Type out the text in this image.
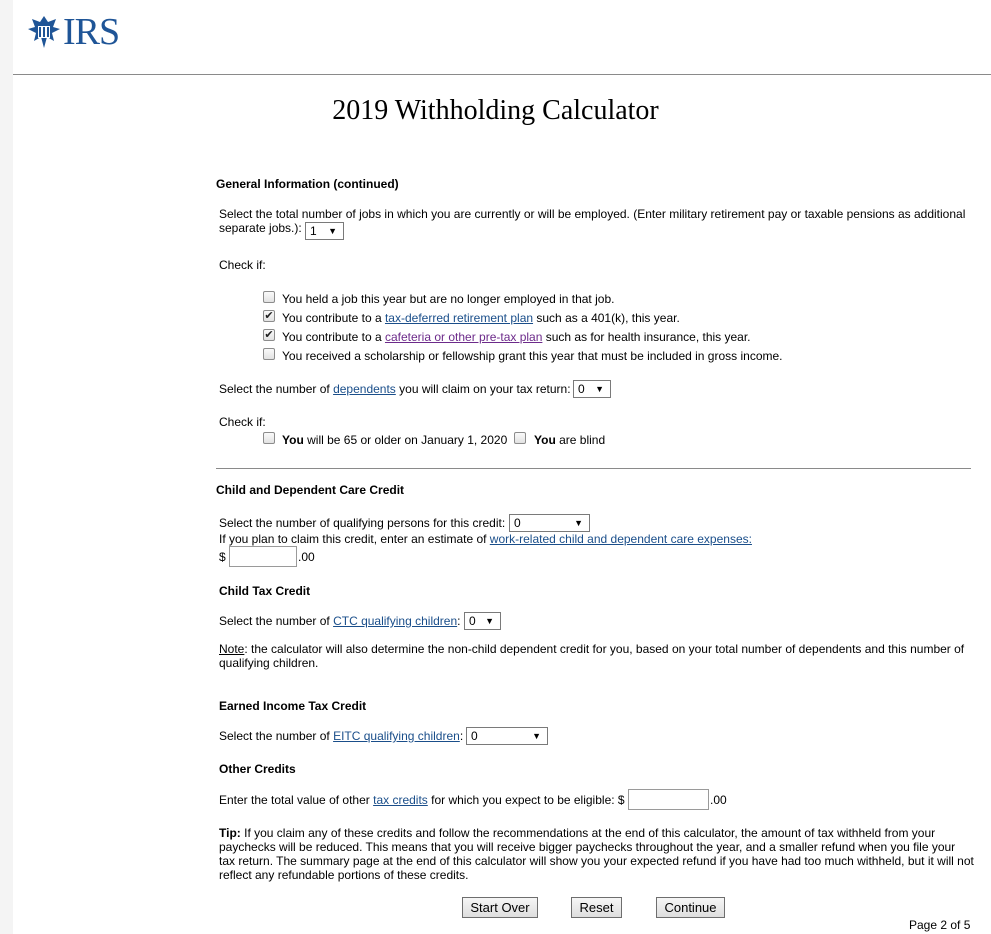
IRS
2019 Withholding Calculator
General Information (continued)
Select the total number of jobs in which you are currently or will be employed. (Enter military retirement pay or taxable pensions as additional separate jobs.): 1 ▼
Check if:
You held a job this year but are no longer employed in that job.
✔ You contribute to a tax-deferred retirement plan such as a 401(k), this year.
✔ You contribute to a cafeteria or other pre-tax plan such as for health insurance, this year.
You received a scholarship or fellowship grant this year that must be included in gross income.
Select the number of dependents you will claim on your tax return: 0 ▼
Check if:
You will be 65 or older on January 1, 2020 You are blind
Child and Dependent Care Credit
Select the number of qualifying persons for this credit: 0	▼
If you plan to claim this credit, enter an estimate of work-related child and dependent care expenses:
$	.00
Child Tax Credit
Select the number of CTC qualifying children: 0 ▼
Note: the calculator will also determine the non-child dependent credit for you, based on your total number of dependents and this number of qualifying children.
Earned Income Tax Credit
Select the number of EITC qualifying children: 0	▼
Other Credits
Enter the total value of other tax credits for which you expect to be eligible: $	.00
Tip: If you claim any of these credits and follow the recommendations at the end of this calculator, the amount of tax withheld from your paychecks will be reduced. This means that you will receive bigger paychecks throughout the year, and a smaller refund when you file your tax return. The summary page at the end of this calculator will show you your expected refund if you have had too much withheld, but it will not reflect any refundable portions of these credits.
Start Over	Reset	Continue
Page 2 of 5
